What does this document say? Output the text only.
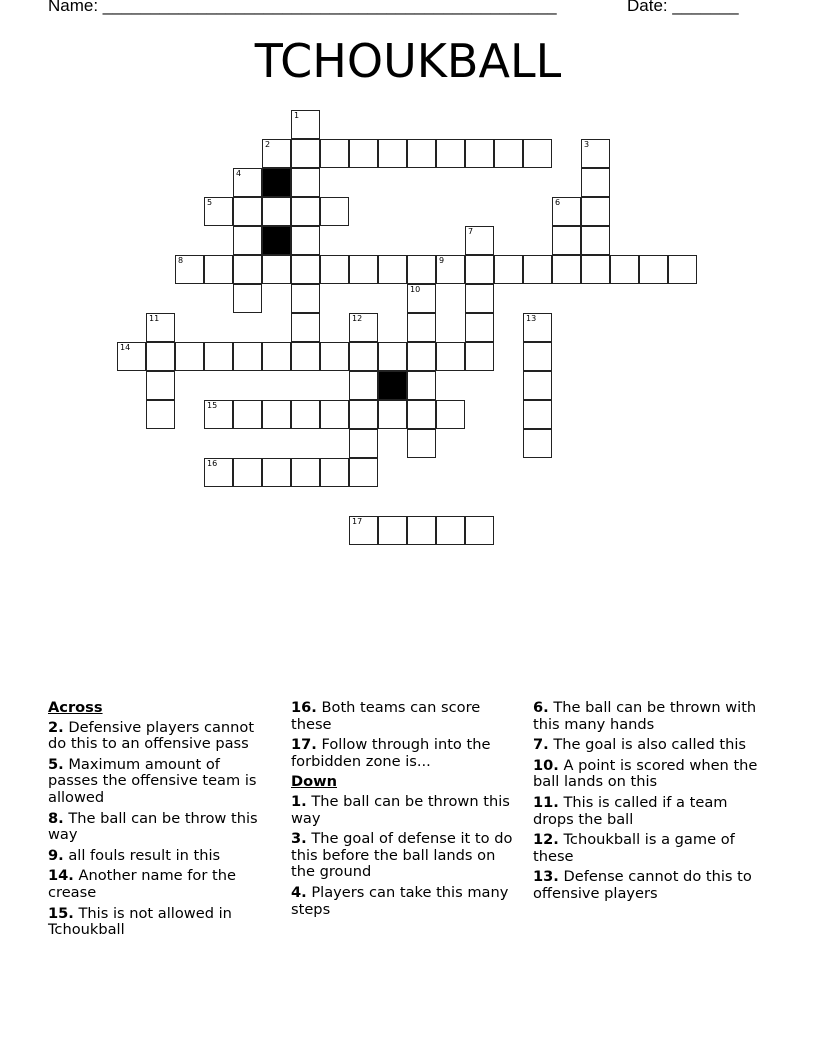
Name: ________________________________________________	Date: _______
TCHOUKBALL
1
2	3
4
5	6
7
8	9
10
11	12	13
14
15
16
17
Across
2. Defensive players cannot do this to an offensive pass
5. Maximum amount of passes the offensive team is allowed
8. The ball can be throw this way
9. all fouls result in this
14. Another name for the crease
15. This is not allowed in Tchoukball
16. Both teams can score these
17. Follow through into the forbidden zone is...
Down
1. The ball can be thrown this way
3. The goal of defense it to do this before the ball lands on the ground
4. Players can take this many steps
6. The ball can be thrown with this many hands
7. The goal is also called this
10. A point is scored when the ball lands on this
11. This is called if a team drops the ball
12. Tchoukball is a game of these
13. Defense cannot do this to offensive players
